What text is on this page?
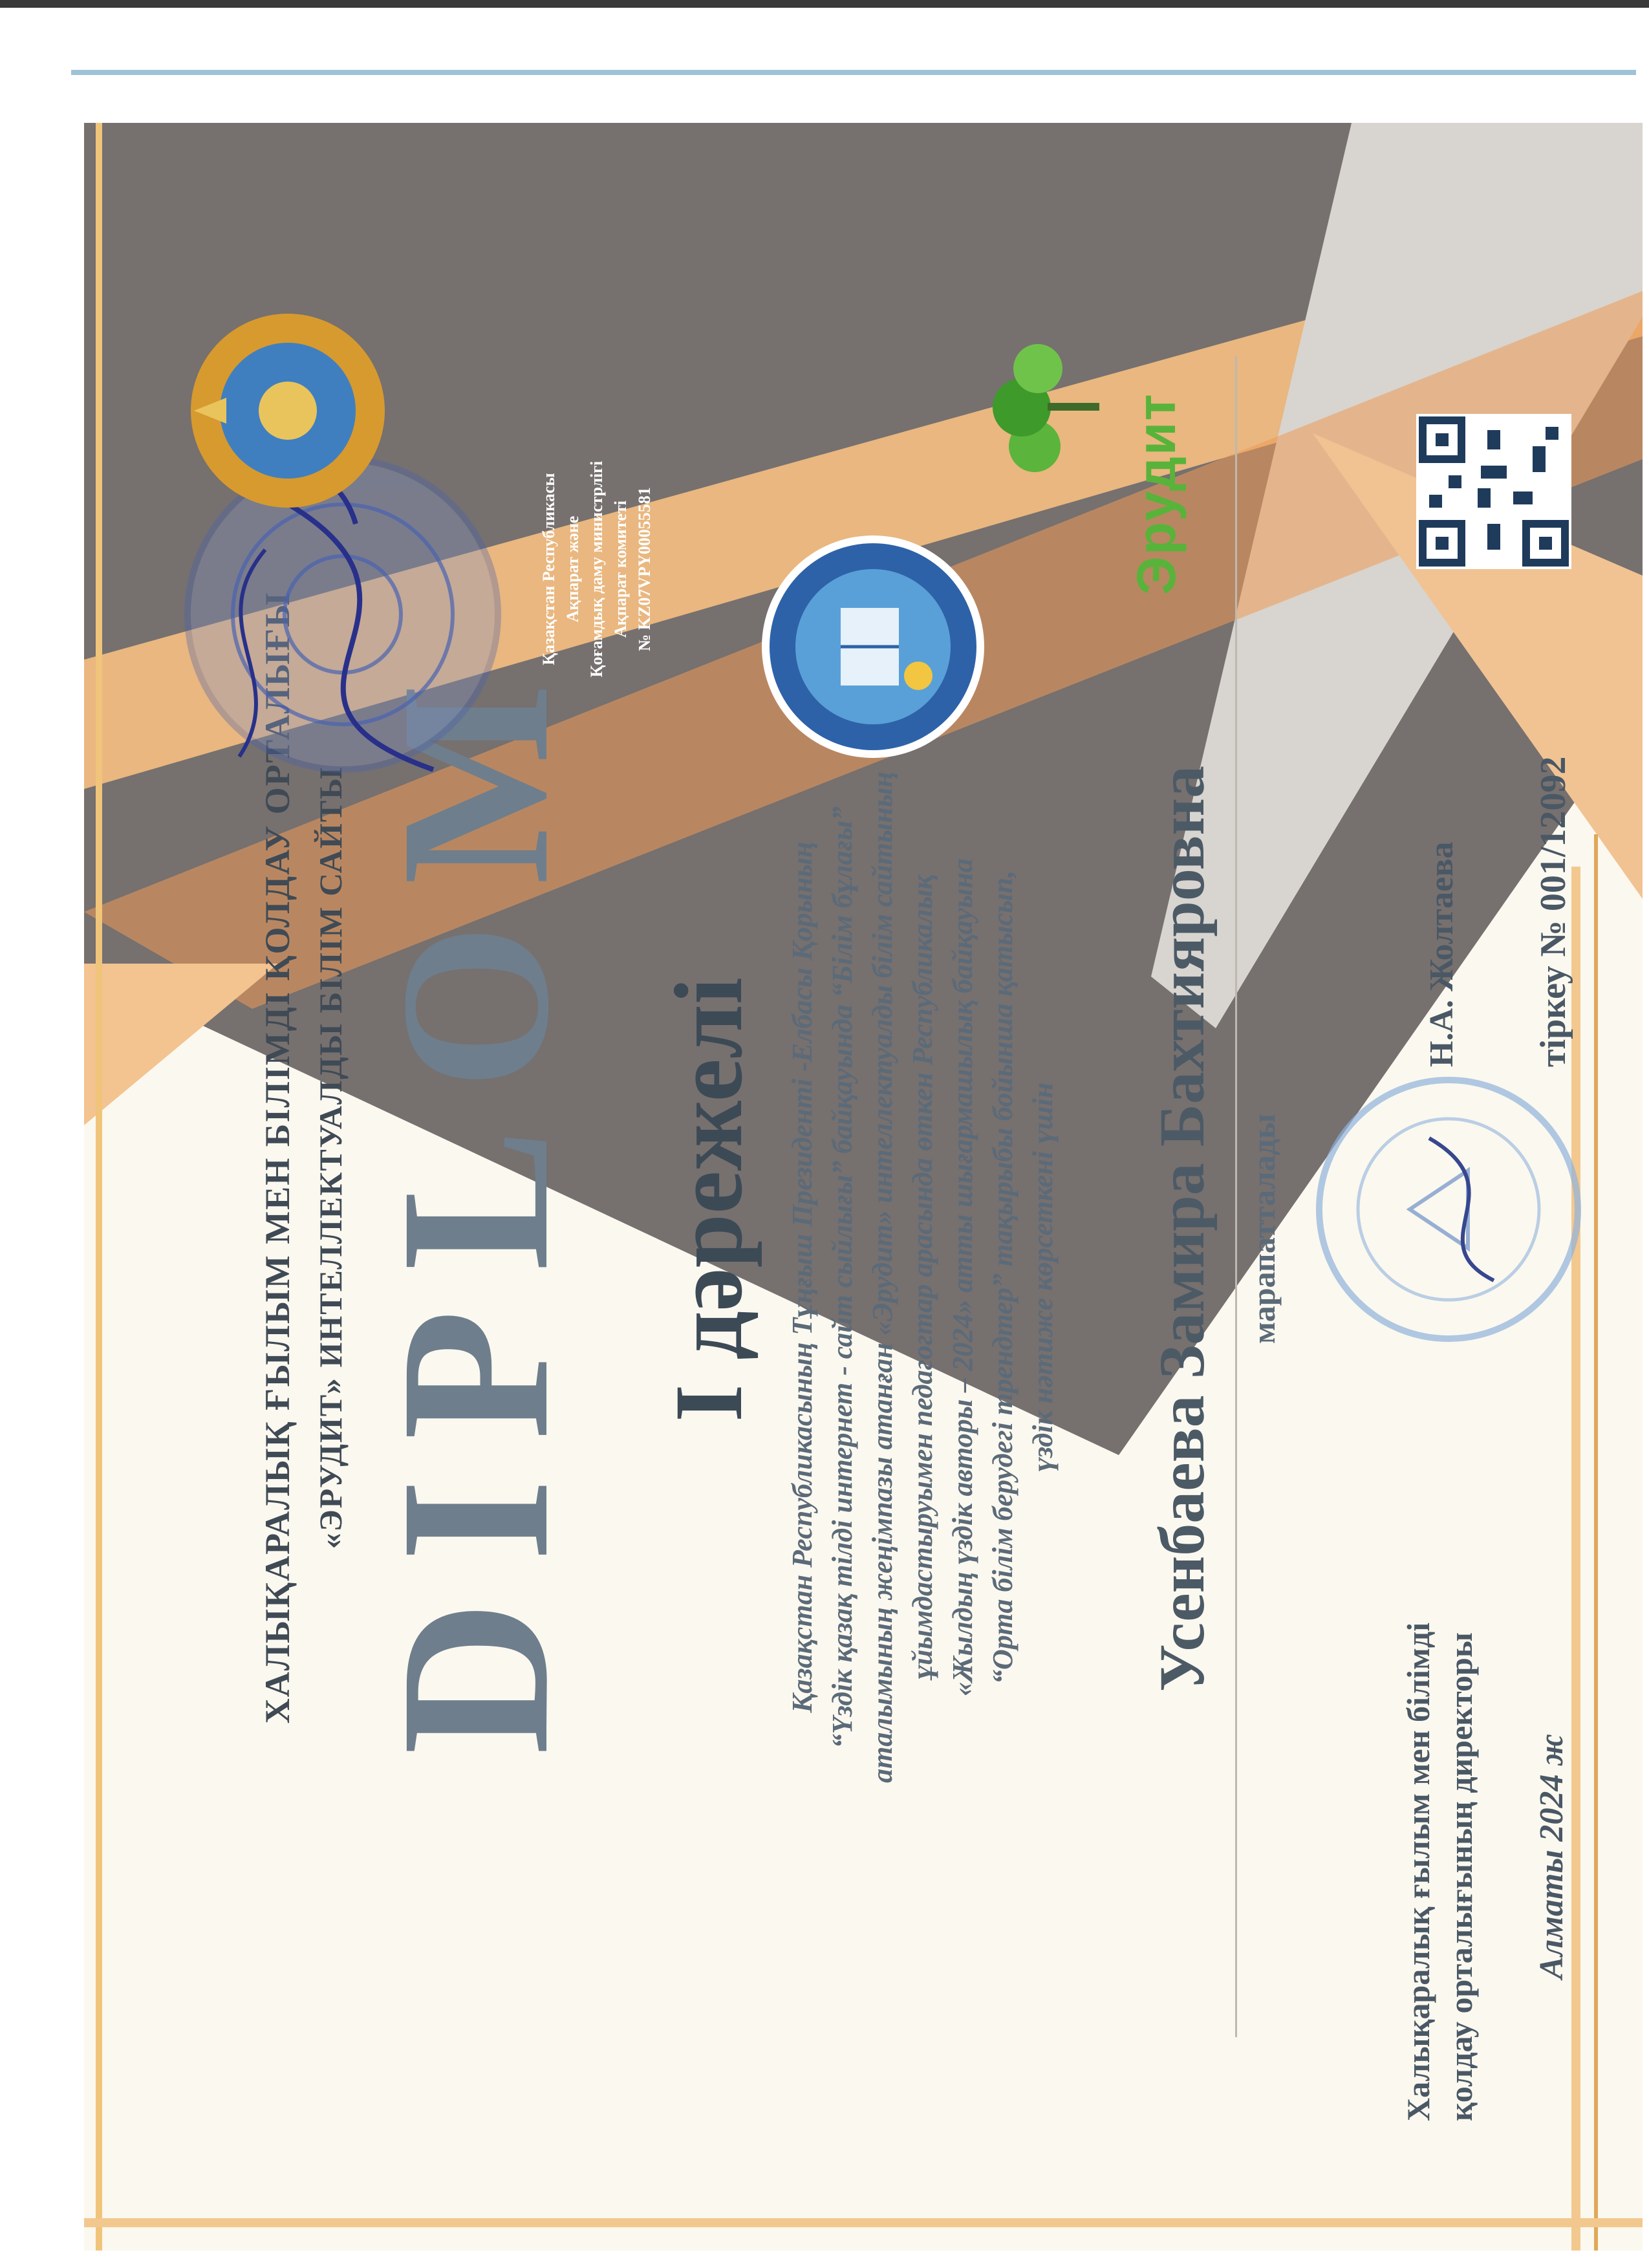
ХАЛЫҚАРАЛЫҚ ҒЫЛЫМ МЕН БІЛІМДІ ҚОЛДАУ ОРТАЛЫҒЫ «ЭРУДИТ» ИНТЕЛЛЕКТУАЛДЫ БІЛІМ САЙТЫ DIPLOM I дәрежелі Қазақстан Республикасының Тұңғыш Президенті -Елбасы Қорының “Үздік қазақ тілді интернет - сайт сыйлығы” байқауында “Білім бұлағы” аталымының жеңімпазы атанған «Эрудит» интеллектуалды білім сайтының ұйымдастыруымен педагогтар арасында өткен Республикалық «Жылдың үздік авторы – 2024» атты шығармашылық байқауына “Орта білім берудегі трендтер” тақырыбы бойынша қатысып, үздік нәтиже көрсеткені үшін Усенбаева Замира Бахтияровна марапатталады
Халықаралық ғылым мен білімді қолдау орталығының директоры
Н.А. Жолтаева
Алматы 2024 ж
тіркеу № 001/12092
Қазақстан Республикасы Ақпарат және Қоғамдық даму министрлігі Ақпарат комитеті № KZ07VPY00055581	Эрудит
